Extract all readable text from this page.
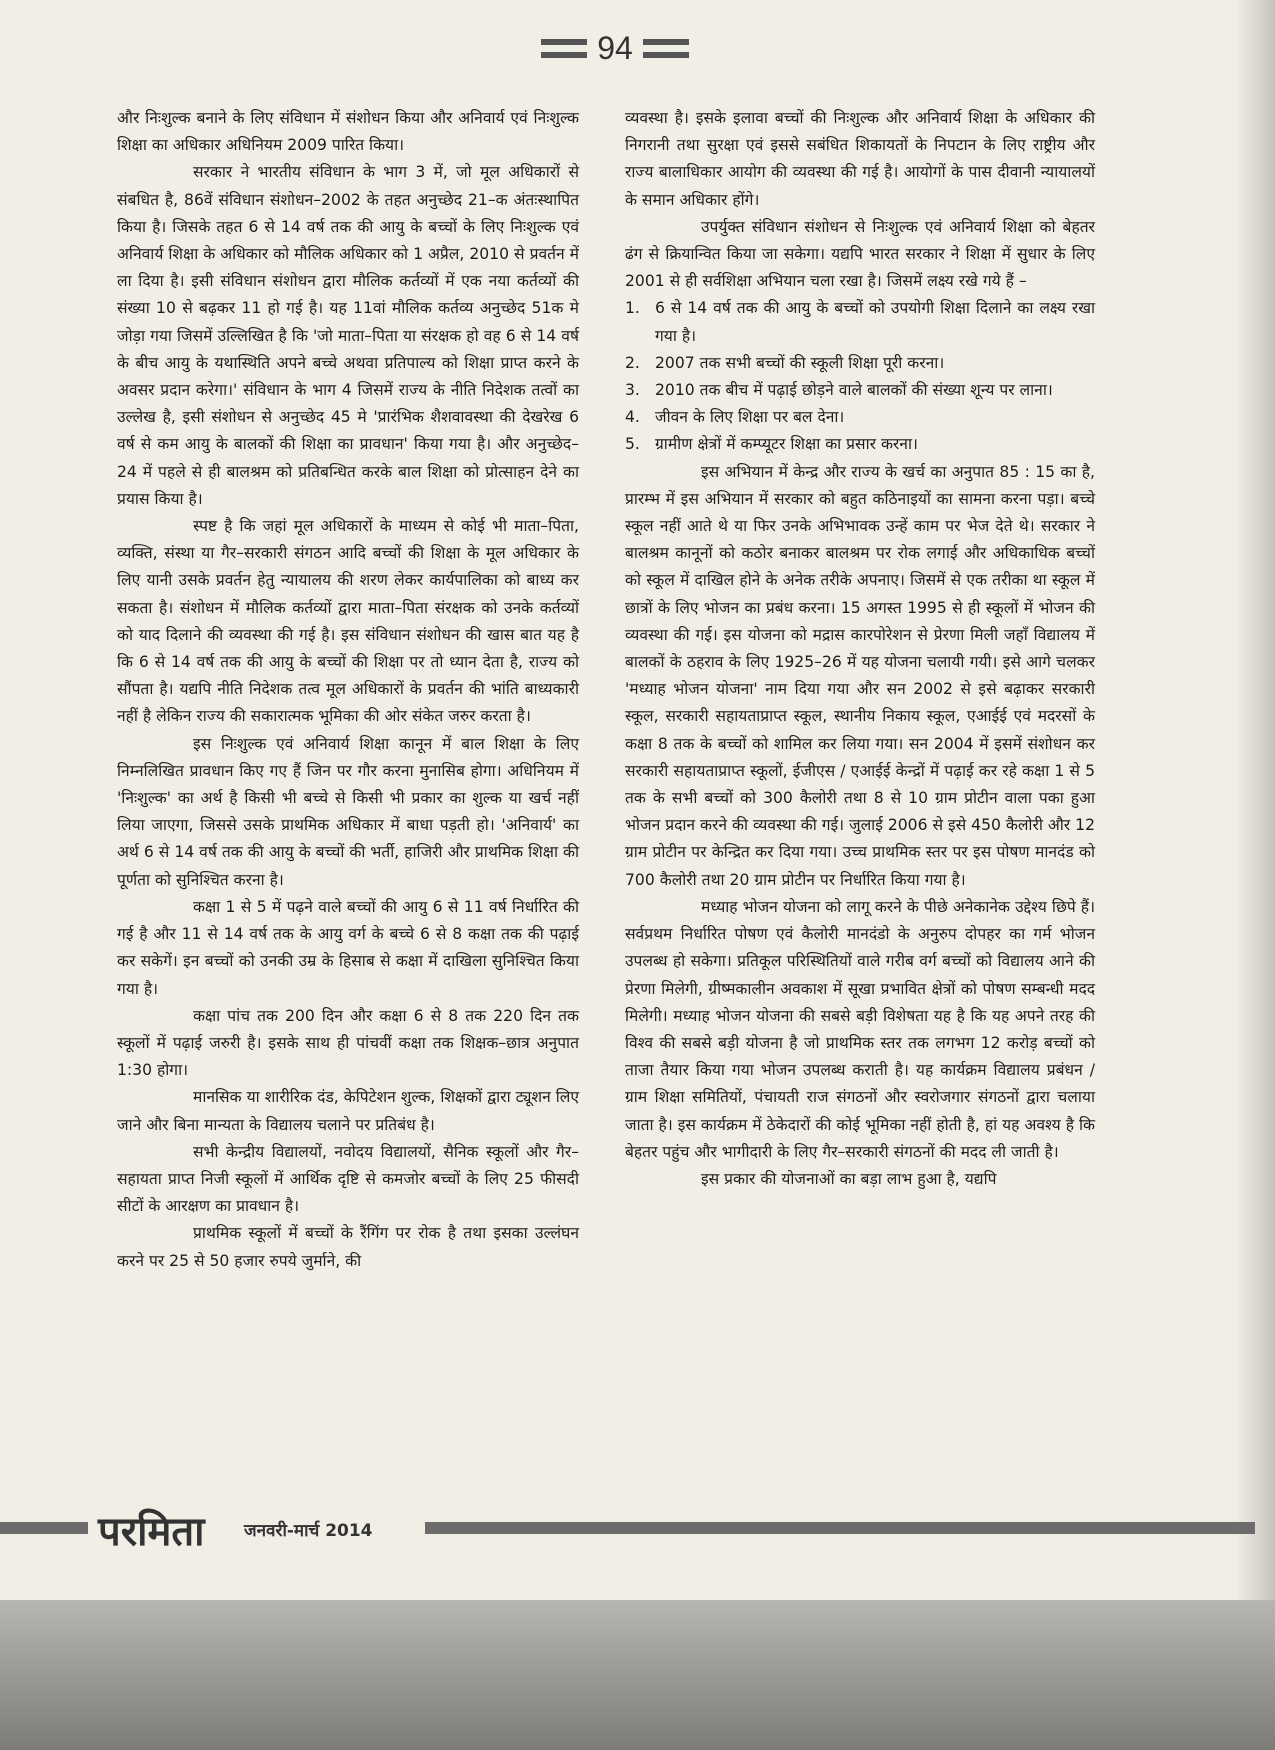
94

और निःशुल्क बनाने के लिए संविधान में संशोधन किया और अनिवार्य एवं निःशुल्क शिक्षा का अधिकार अधिनियम 2009 पारित किया।

सरकार ने भारतीय संविधान के भाग 3 में, जो मूल अधिकारों से संबधित है, 86वें संविधान संशोधन–2002 के तहत अनुच्छेद 21–क अंतःस्थापित किया है। जिसके तहत 6 से 14 वर्ष तक की आयु के बच्चों के लिए निःशुल्क एवं अनिवार्य शिक्षा के अधिकार को मौलिक अधिकार को 1 अप्रैल, 2010 से प्रवर्तन में ला दिया है। इसी संविधान संशोधन द्वारा मौलिक कर्तव्यों में एक नया कर्तव्यों की संख्या 10 से बढ़कर 11 हो गई है। यह 11वां मौलिक कर्तव्य अनुच्छेद 51क मे जोड़ा गया जिसमें उल्लिखित है कि 'जो माता–पिता या संरक्षक हो वह 6 से 14 वर्ष के बीच आयु के यथास्थिति अपने बच्चे अथवा प्रतिपाल्य को शिक्षा प्राप्त करने के अवसर प्रदान करेगा।' संविधान के भाग 4 जिसमें राज्य के नीति निदेशक तत्वों का उल्लेख है, इसी संशोधन से अनुच्छेद 45 मे 'प्रारंभिक शैशवावस्था की देखरेख 6 वर्ष से कम आयु के बालकों की शिक्षा का प्रावधान' किया गया है। और अनुच्छेद–24 में पहले से ही बालश्रम को प्रतिबन्धित करके बाल शिक्षा को प्रोत्साहन देने का प्रयास किया है।

स्पष्ट है कि जहां मूल अधिकारों के माध्यम से कोई भी माता–पिता, व्यक्ति, संस्था या गैर–सरकारी संगठन आदि बच्चों की शिक्षा के मूल अधिकार के लिए यानी उसके प्रवर्तन हेतु न्यायालय की शरण लेकर कार्यपालिका को बाध्य कर सकता है। संशोधन में मौलिक कर्तव्यों द्वारा माता–पिता संरक्षक को उनके कर्तव्यों को याद दिलाने की व्यवस्था की गई है। इस संविधान संशोधन की खास बात यह है कि 6 से 14 वर्ष तक की आयु के बच्चों की शिक्षा पर तो ध्यान देता है, राज्य को सौंपता है। यद्यपि नीति निदेशक तत्व मूल अधिकारों के प्रवर्तन की भांति बाध्यकारी नहीं है लेकिन राज्य की सकारात्मक भूमिका की ओर संकेत जरुर करता है।

इस निःशुल्क एवं अनिवार्य शिक्षा कानून में बाल शिक्षा के लिए निम्नलिखित प्रावधान किए गए हैं जिन पर गौर करना मुनासिब होगा। अधिनियम में 'निःशुल्क' का अर्थ है किसी भी बच्चे से किसी भी प्रकार का शुल्क या खर्च नहीं लिया जाएगा, जिससे उसके प्राथमिक अधिकार में बाधा पड़ती हो। 'अनिवार्य' का अर्थ 6 से 14 वर्ष तक की आयु के बच्चों की भर्ती, हाजिरी और प्राथमिक शिक्षा की पूर्णता को सुनिश्चित करना है।

कक्षा 1 से 5 में पढ़ने वाले बच्चों की आयु 6 से 11 वर्ष निर्धारित की गई है और 11 से 14 वर्ष तक के आयु वर्ग के बच्चे 6 से 8 कक्षा तक की पढ़ाई कर सकेगें। इन बच्चों को उनकी उम्र के हिसाब से कक्षा में दाखिला सुनिश्चित किया गया है।

कक्षा पांच तक 200 दिन और कक्षा 6 से 8 तक 220 दिन तक स्कूलों में पढ़ाई जरुरी है। इसके साथ ही पांचवीं कक्षा तक शिक्षक–छात्र अनुपात 1:30 होगा।

मानसिक या शारीरिक दंड, केपिटेशन शुल्क, शिक्षकों द्वारा ट्यूशन लिए जाने और बिना मान्यता के विद्यालय चलाने पर प्रतिबंध है।

सभी केन्द्रीय विद्यालयों, नवोदय विद्यालयों, सैनिक स्कूलों और गैर–सहायता प्राप्त निजी स्कूलों में आर्थिक दृष्टि से कमजोर बच्चों के लिए 25 फीसदी सीटों के आरक्षण का प्रावधान है।

प्राथमिक स्कूलों में बच्चों के रैंगिंग पर रोक है तथा इसका उल्लंघन करने पर 25 से 50 हजार रुपये जुर्माने, की

व्यवस्था है। इसके इलावा बच्चों की निःशुल्क और अनिवार्य शिक्षा के अधिकार की निगरानी तथा सुरक्षा एवं इससे सबंधित शिकायतों के निपटान के लिए राष्ट्रीय और राज्य बालाधिकार आयोग की व्यवस्था की गई है। आयोगों के पास दीवानी न्यायालयों के समान अधिकार होंगे।

उपर्युक्त संविधान संशोधन से निःशुल्क एवं अनिवार्य शिक्षा को बेहतर ढंग से क्रियान्वित किया जा सकेगा। यद्यपि भारत सरकार ने शिक्षा में सुधार के लिए 2001 से ही सर्वशिक्षा अभियान चला रखा है। जिसमें लक्ष्य रखे गये हैं –

1. 6 से 14 वर्ष तक की आयु के बच्चों को उपयोगी शिक्षा दिलाने का लक्ष्य रखा गया है।
2. 2007 तक सभी बच्चों की स्कूली शिक्षा पूरी करना।
3. 2010 तक बीच में पढ़ाई छोड़ने वाले बालकों की संख्या शून्य पर लाना।
4. जीवन के लिए शिक्षा पर बल देना।
5. ग्रामीण क्षेत्रों में कम्प्यूटर शिक्षा का प्रसार करना।

इस अभियान में केन्द्र और राज्य के खर्च का अनुपात 85 : 15 का है, प्रारम्भ में इस अभियान में सरकार को बहुत कठिनाइयों का सामना करना पड़ा। बच्चे स्कूल नहीं आते थे या फिर उनके अभिभावक उन्हें काम पर भेज देते थे। सरकार ने बालश्रम कानूनों को कठोर बनाकर बालश्रम पर रोक लगाई और अधिकाधिक बच्चों को स्कूल में दाखिल होने के अनेक तरीके अपनाए। जिसमें से एक तरीका था स्कूल में छात्रों के लिए भोजन का प्रबंध करना। 15 अगस्त 1995 से ही स्कूलों में भोजन की व्यवस्था की गई। इस योजना को मद्रास कारपोरेशन से प्रेरणा मिली जहाँ विद्यालय में बालकों के ठहराव के लिए 1925–26 में यह योजना चलायी गयी। इसे आगे चलकर 'मध्याह भोजन योजना' नाम दिया गया और सन 2002 से इसे बढ़ाकर सरकारी स्कूल, सरकारी सहायताप्राप्त स्कूल, स्थानीय निकाय स्कूल, एआईई एवं मदरसों के कक्षा 8 तक के बच्चों को शामिल कर लिया गया। सन 2004 में इसमें संशोधन कर सरकारी सहायताप्राप्त स्कूलों, ईजीएस / एआईई केन्द्रों में पढ़ाई कर रहे कक्षा 1 से 5 तक के सभी बच्चों को 300 कैलोरी तथा 8 से 10 ग्राम प्रोटीन वाला पका हुआ भोजन प्रदान करने की व्यवस्था की गई। जुलाई 2006 से इसे 450 कैलोरी और 12 ग्राम प्रोटीन पर केन्द्रित कर दिया गया। उच्च प्राथमिक स्तर पर इस पोषण मानदंड को 700 कैलोरी तथा 20 ग्राम प्रोटीन पर निर्धारित किया गया है।

मध्याह भोजन योजना को लागू करने के पीछे अनेकानेक उद्देश्य छिपे हैं। सर्वप्रथम निर्धारित पोषण एवं कैलोरी मानदंडो के अनुरुप दोपहर का गर्म भोजन उपलब्ध हो सकेगा। प्रतिकूल परिस्थितियों वाले गरीब वर्ग बच्चों को विद्यालय आने की प्रेरणा मिलेगी, ग्रीष्मकालीन अवकाश में सूखा प्रभावित क्षेत्रों को पोषण सम्बन्धी मदद मिलेगी। मध्याह भोजन योजना की सबसे बड़ी विशेषता यह है कि यह अपने तरह की विश्व की सबसे बड़ी योजना है जो प्राथमिक स्तर तक लगभग 12 करोड़ बच्चों को ताजा तैयार किया गया भोजन उपलब्ध कराती है। यह कार्यक्रम विद्यालय प्रबंधन / ग्राम शिक्षा समितियों, पंचायती राज संगठनों और स्वरोजगार संगठनों द्वारा चलाया जाता है। इस कार्यक्रम में ठेकेदारों की कोई भूमिका नहीं होती है, हां यह अवश्य है कि बेहतर पहुंच और भागीदारी के लिए गैर–सरकारी संगठनों की मदद ली जाती है।

इस प्रकार की योजनाओं का बड़ा लाभ हुआ है, यद्यपि

परमिता जनवरी-मार्च 2014
